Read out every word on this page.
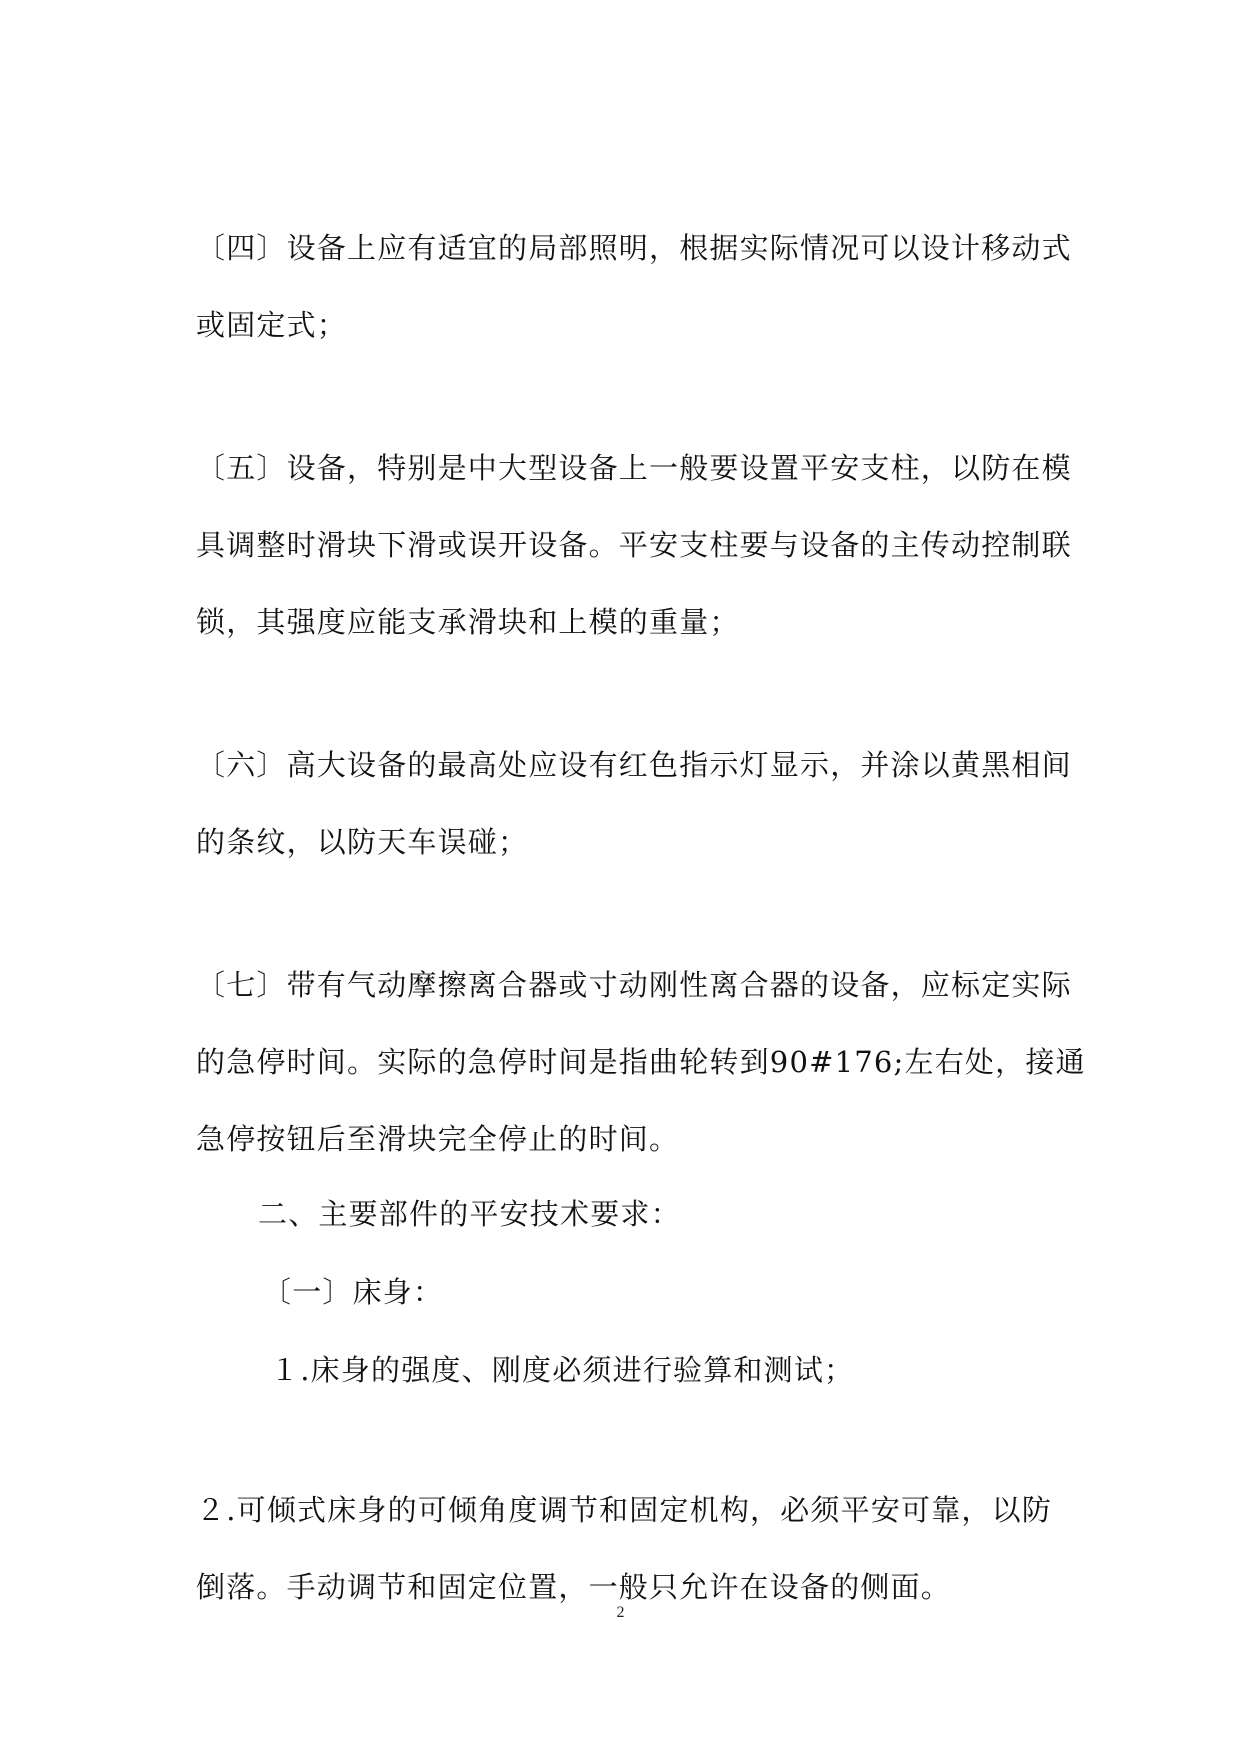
〔四〕设备上应有适宜的局部照明，根据实际情况可以设计移动式
或固定式；
〔五〕设备，特别是中大型设备上一般要设置平安支柱，以防在模
具调整时滑块下滑或误开设备。平安支柱要与设备的主传动控制联
锁，其强度应能支承滑块和上模的重量；
〔六〕高大设备的最高处应设有红色指示灯显示，并涂以黄黑相间
的条纹，以防天车误碰；
〔七〕带有气动摩擦离合器或寸动刚性离合器的设备，应标定实际
的急停时间。实际的急停时间是指曲轮转到90#176;左右处，接通
急停按钮后至滑块完全停止的时间。
二、主要部件的平安技术要求：
〔一〕床身：
１.床身的强度、刚度必须进行验算和测试；
２.可倾式床身的可倾角度调节和固定机构，必须平安可靠，以防
倒落。手动调节和固定位置，一般只允许在设备的侧面。
2
